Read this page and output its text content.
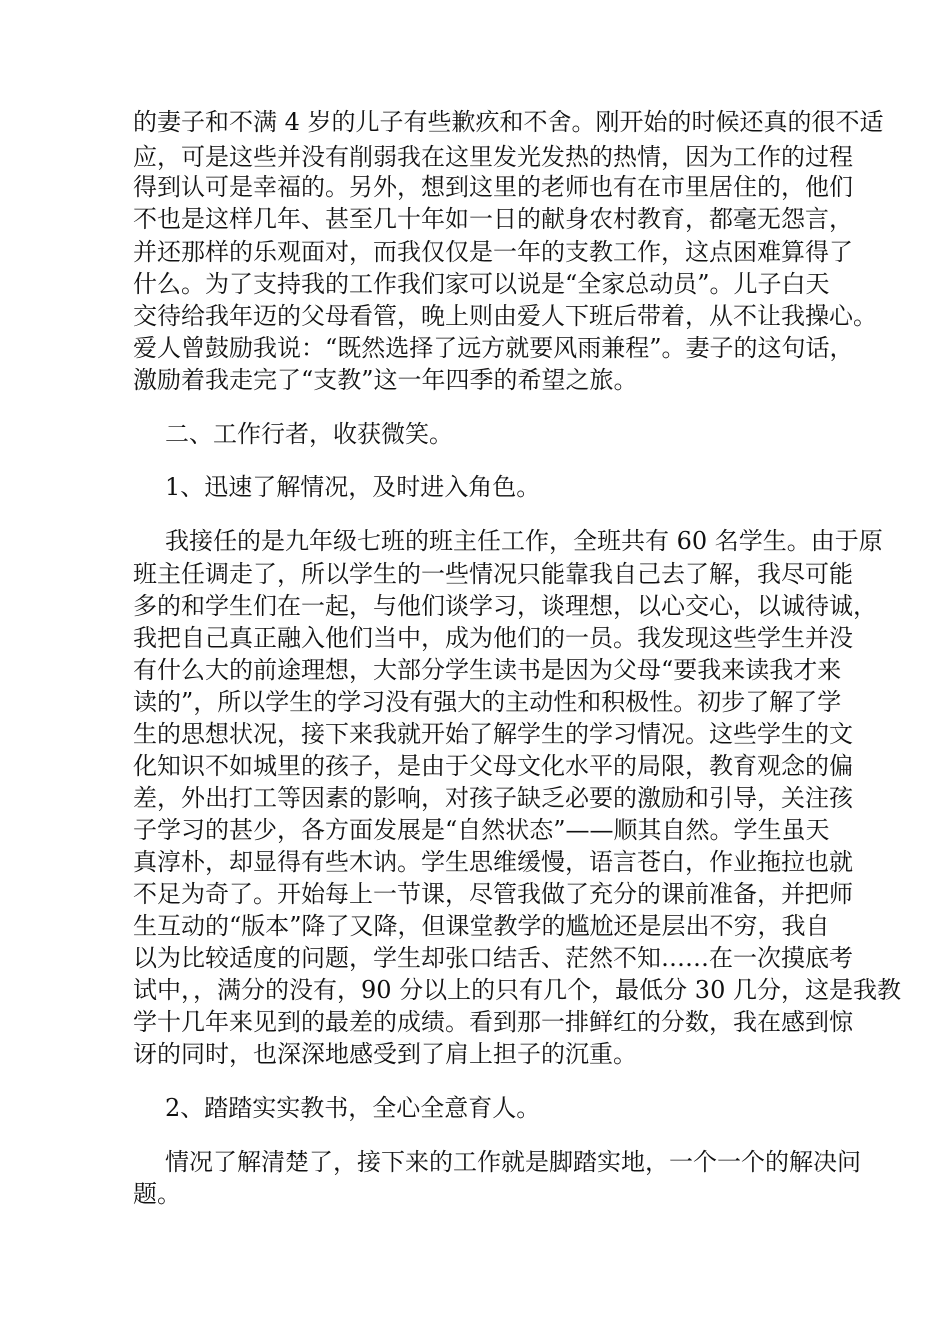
的妻子和不满 4 岁的儿子有些歉疚和不舍。刚开始的时候还真的很不适
应，可是这些并没有削弱我在这里发光发热的热情，因为工作的过程
得到认可是幸福的。另外，想到这里的老师也有在市里居住的，他们
不也是这样几年、甚至几十年如一日的献身农村教育，都毫无怨言，
并还那样的乐观面对，而我仅仅是一年的支教工作，这点困难算得了
什么。为了支持我的工作我们家可以说是“全家总动员”。儿子白天
交待给我年迈的父母看管，晚上则由爱人下班后带着，从不让我操心。
爱人曾鼓励我说：“既然选择了远方就要风雨兼程”。妻子的这句话，
激励着我走完了“支教”这一年四季的希望之旅。
二、工作行者，收获微笑。
1、迅速了解情况，及时进入角色。
我接任的是九年级七班的班主任工作，全班共有 60 名学生。由于原
班主任调走了，所以学生的一些情况只能靠我自己去了解，我尽可能
多的和学生们在一起，与他们谈学习，谈理想，以心交心，以诚待诚，
我把自己真正融入他们当中，成为他们的一员。我发现这些学生并没
有什么大的前途理想，大部分学生读书是因为父母“要我来读我才来
读的”，所以学生的学习没有强大的主动性和积极性。初步了解了学
生的思想状况，接下来我就开始了解学生的学习情况。这些学生的文
化知识不如城里的孩子，是由于父母文化水平的局限，教育观念的偏
差，外出打工等因素的影响，对孩子缺乏必要的激励和引导，关注孩
子学习的甚少，各方面发展是“自然状态”——顺其自然。学生虽天
真淳朴，却显得有些木讷。学生思维缓慢，语言苍白，作业拖拉也就
不足为奇了。开始每上一节课，尽管我做了充分的课前准备，并把师
生互动的“版本”降了又降，但课堂教学的尴尬还是层出不穷，我自
以为比较适度的问题，学生却张口结舌、茫然不知……在一次摸底考
试中，，满分的没有，90 分以上的只有几个，最低分 30 几分，这是我教
学十几年来见到的最差的成绩。看到那一排鲜红的分数，我在感到惊
讶的同时，也深深地感受到了肩上担子的沉重。
2、踏踏实实教书，全心全意育人。
情况了解清楚了，接下来的工作就是脚踏实地，一个一个的解决问
题。
